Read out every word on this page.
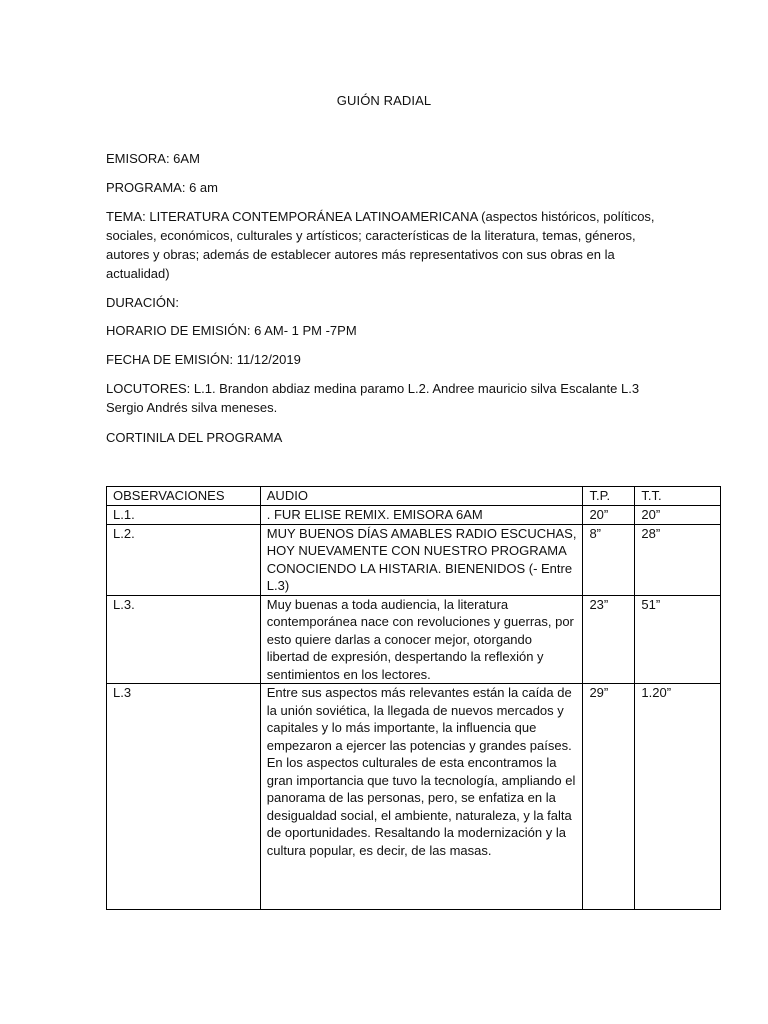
GUIÓN RADIAL
EMISORA: 6AM
PROGRAMA: 6 am
TEMA: LITERATURA CONTEMPORÁNEA LATINOAMERICANA (aspectos históricos, políticos, sociales, económicos, culturales y artísticos; características de la literatura, temas, géneros, autores y obras; además de establecer autores más representativos con sus obras en la actualidad)
DURACIÓN:
HORARIO DE EMISIÓN: 6 AM- 1 PM -7PM
FECHA DE EMISIÓN: 11/12/2019
LOCUTORES: L.1. Brandon abdiaz medina paramo L.2. Andree mauricio silva Escalante L.3 Sergio Andrés silva meneses.
CORTINILA DEL PROGRAMA
OBSERVACIONES	AUDIO	T.P.	T.T.
L.1.	. FUR ELISE REMIX. EMISORA 6AM	20”	20”
L.2.	MUY BUENOS DÍAS AMABLES RADIO ESCUCHAS, HOY NUEVAMENTE CON NUESTRO PROGRAMA CONOCIENDO LA HISTARIA. BIENENIDOS (- Entre L.3)	8”	28”
L.3.	Muy buenas a toda audiencia, la literatura contemporánea nace con revoluciones y guerras, por esto quiere darlas a conocer mejor, otorgando libertad de expresión, despertando la reflexión y sentimientos en los lectores.	23”	51”
L.3	Entre sus aspectos más relevantes están la caída de la unión soviética, la llegada de nuevos mercados y capitales y lo más importante, la influencia que empezaron a ejercer las potencias y grandes países. En los aspectos culturales de esta encontramos la gran importancia que tuvo la tecnología, ampliando el panorama de las personas, pero, se enfatiza en la desigualdad social, el ambiente, naturaleza, y la falta de oportunidades. Resaltando la modernización y la cultura popular, es decir, de las masas.	29”	1.20”
